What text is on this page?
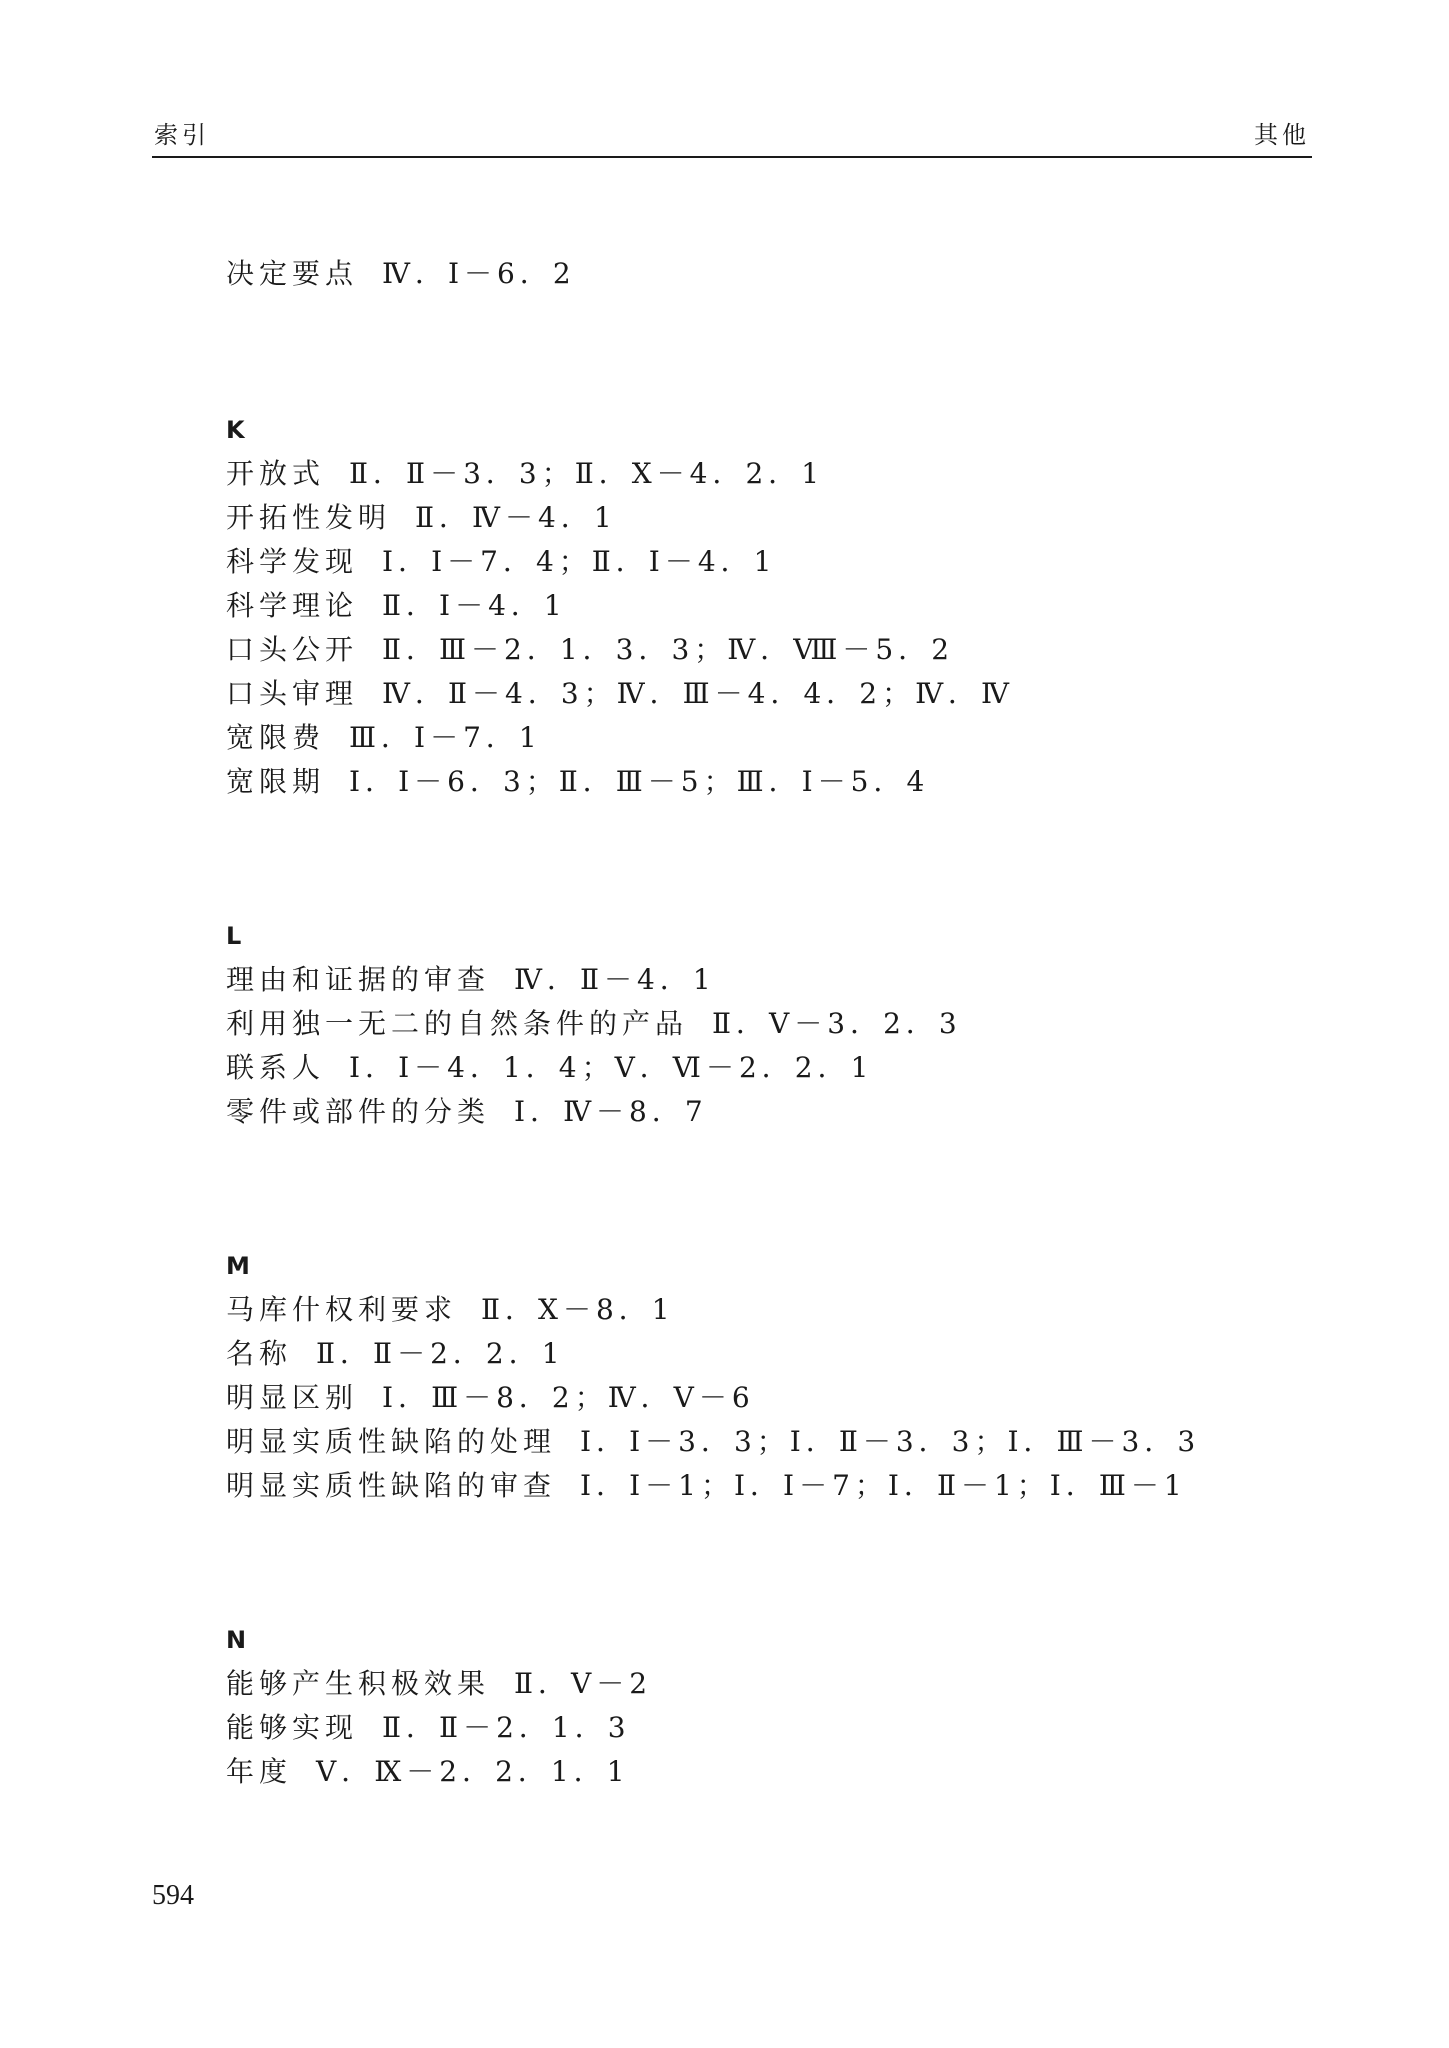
索引	其他
决定要点 Ⅳ．Ⅰ－6．2
K
开放式 Ⅱ．Ⅱ－3．3；Ⅱ．Ⅹ－4．2．1
开拓性发明 Ⅱ．Ⅳ－4．1
科学发现 Ⅰ．Ⅰ－7．4；Ⅱ．Ⅰ－4．1
科学理论 Ⅱ．Ⅰ－4．1
口头公开 Ⅱ．Ⅲ－2．1．3．3；Ⅳ．Ⅷ－5．2
口头审理 Ⅳ．Ⅱ－4．3；Ⅳ．Ⅲ－4．4．2；Ⅳ．Ⅳ
宽限费 Ⅲ．Ⅰ－7．1
宽限期 Ⅰ．Ⅰ－6．3；Ⅱ．Ⅲ－5；Ⅲ．Ⅰ－5．4
L
理由和证据的审查 Ⅳ．Ⅱ－4．1
利用独一无二的自然条件的产品 Ⅱ．Ⅴ－3．2．3
联系人 Ⅰ．Ⅰ－4．1．4；Ⅴ．Ⅵ－2．2．1
零件或部件的分类 Ⅰ．Ⅳ－8．7
M
马库什权利要求 Ⅱ．Ⅹ－8．1
名称 Ⅱ．Ⅱ－2．2．1
明显区别 Ⅰ．Ⅲ－8．2；Ⅳ．Ⅴ－6
明显实质性缺陷的处理 Ⅰ．Ⅰ－3．3；Ⅰ．Ⅱ－3．3；Ⅰ．Ⅲ－3．3
明显实质性缺陷的审查 Ⅰ．Ⅰ－1；Ⅰ．Ⅰ－7；Ⅰ．Ⅱ－1；Ⅰ．Ⅲ－1
N
能够产生积极效果 Ⅱ．Ⅴ－2
能够实现 Ⅱ．Ⅱ－2．1．3
年度 Ⅴ．Ⅸ－2．2．1．1
594
